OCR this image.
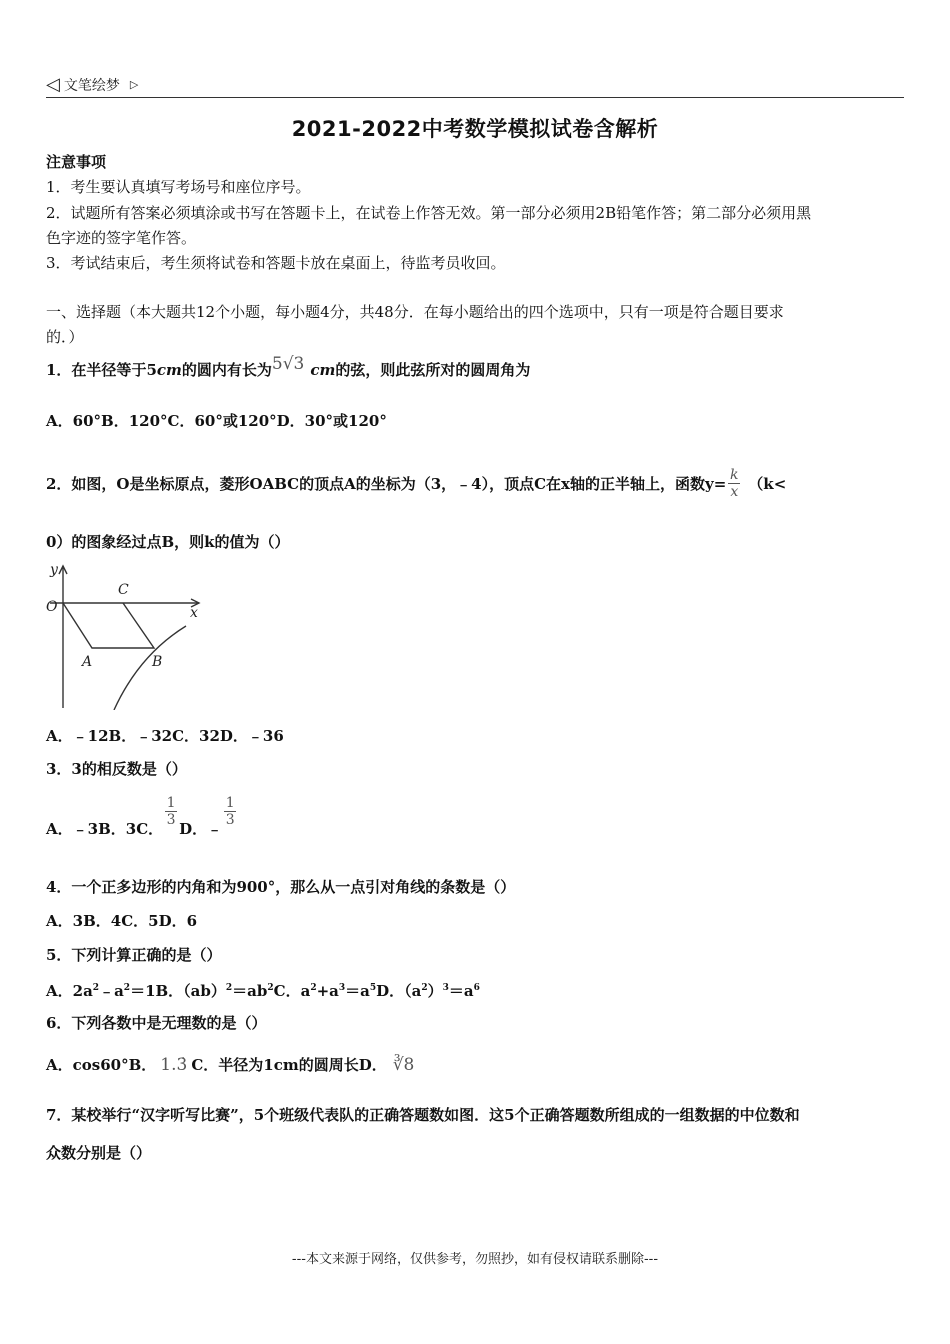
◁ 文笔绘梦 ▷
2021-2022中考数学模拟试卷含解析
注意事项
1．考生要认真填写考场号和座位序号。
2．试题所有答案必须填涂或书写在答题卡上，在试卷上作答无效。第一部分必须用2B铅笔作答；第二部分必须用黑
色字迹的签字笔作答。
3．考试结束后，考生须将试卷和答题卡放在桌面上，待监考员收回。
一、选择题（本大题共12个小题，每小题4分，共48分．在每小题给出的四个选项中，只有一项是符合题目要求
的．）
1．在半径等于5 cm 的圆内有长为 5√3 cm 的弦，则此弦所对的圆周角为
A．60°B．120°C．60°或120°D．30°或120°
2．如图，O是坐标原点，菱形OABC的顶点A的坐标为（3，﹣4），顶点C在x轴的正半轴上，函数$y= \frac{k}{x} (k<$
0）的图象经过点B，则k的值为（）
y
x
O
A	B
C
A．﹣12B．﹣32C．32D．﹣36
3．3的相反数是（）
A．﹣3B．3C．
$\frac{1}{3}$
D．﹣
$\frac{1}{3}$
4．一个正多边形的内角和为900°，那么从一点引对角线的条数是（）
A．3B．4C．5D．6
5．下列计算正确的是（）
A．$2a^2﹣a^2=1B$．$(ab)^2=ab^2C$．$a^2+a^3=a^5D$．$(a^2)^3=a^6$
6．下列各数中是无理数的是（）
A．cos60°B． 1.3̇ C．半径为1cm的圆周长D． ∛8
7．某校举行“汉字听写比赛”，5个班级代表队的正确答题数如图．这5个正确答题数所组成的一组数据的中位数和
众数分别是（）
---本文来源于网络，仅供参考，勿照抄，如有侵权请联系删除---
